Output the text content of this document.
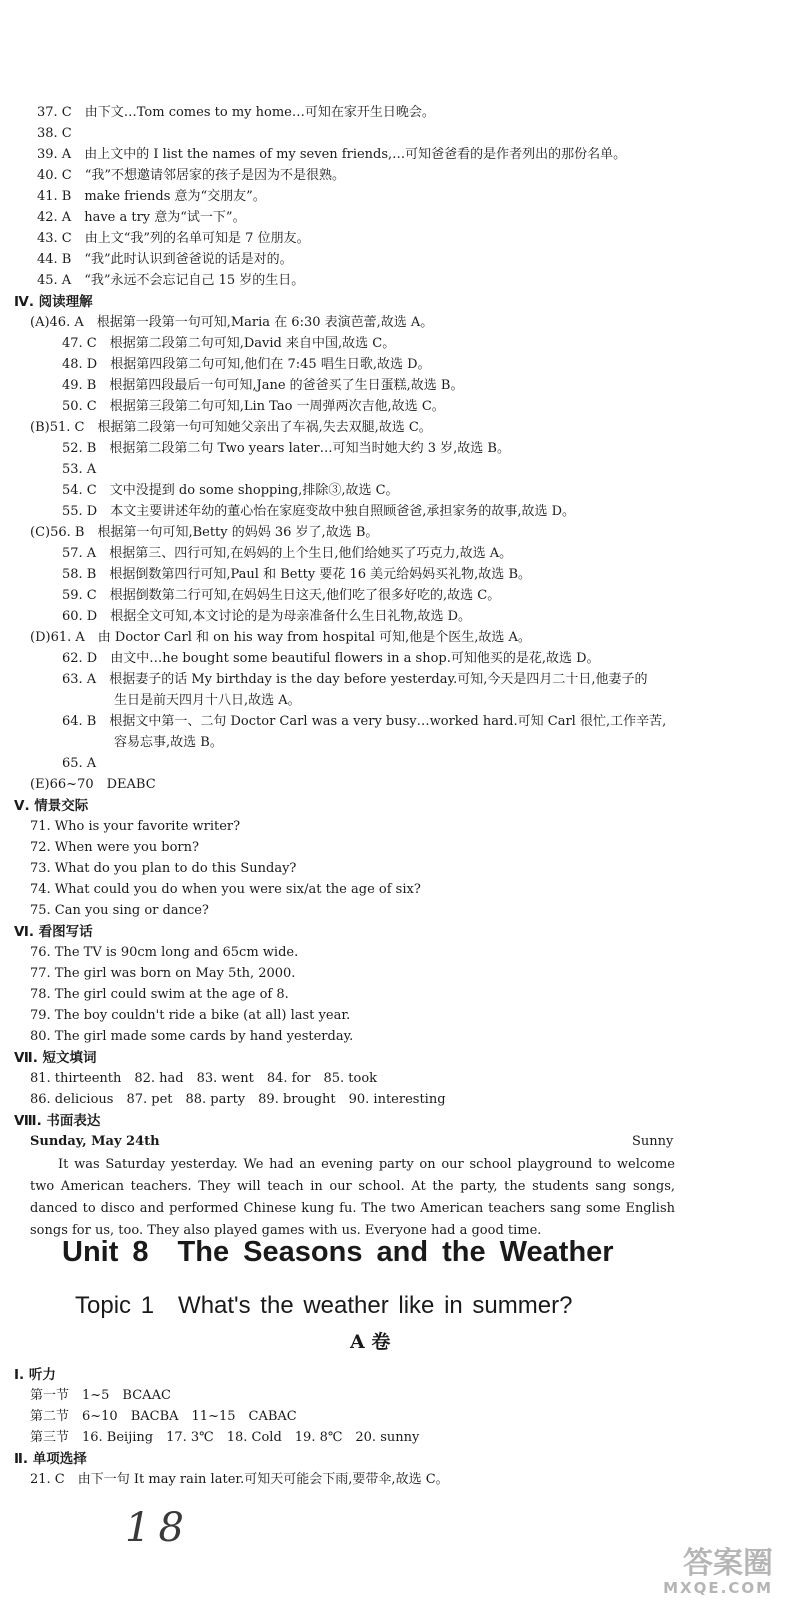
37. C　由下文…Tom comes to my home…可知在家开生日晚会。
38. C
39. A　由上文中的 I list the names of my seven friends,…可知爸爸看的是作者列出的那份名单。
40. C　“我”不想邀请邻居家的孩子是因为不是很熟。
41. B　make friends 意为“交朋友”。
42. A　have a try 意为“试一下”。
43. C　由上文“我”列的名单可知是 7 位朋友。
44. B　“我”此时认识到爸爸说的话是对的。
45. A　“我”永远不会忘记自己 15 岁的生日。
Ⅳ. 阅读理解
(A)46. A　根据第一段第一句可知,Maria 在 6:30 表演芭蕾,故选 A。
47. C　根据第二段第二句可知,David 来自中国,故选 C。
48. D　根据第四段第二句可知,他们在 7:45 唱生日歌,故选 D。
49. B　根据第四段最后一句可知,Jane 的爸爸买了生日蛋糕,故选 B。
50. C　根据第三段第二句可知,Lin Tao 一周弹两次吉他,故选 C。
(B)51. C　根据第二段第一句可知她父亲出了车祸,失去双腿,故选 C。
52. B　根据第二段第二句 Two years later…可知当时她大约 3 岁,故选 B。
53. A
54. C　文中没提到 do some shopping,排除③,故选 C。
55. D　本文主要讲述年幼的董心怡在家庭变故中独自照顾爸爸,承担家务的故事,故选 D。
(C)56. B　根据第一句可知,Betty 的妈妈 36 岁了,故选 B。
57. A　根据第三、四行可知,在妈妈的上个生日,他们给她买了巧克力,故选 A。
58. B　根据倒数第四行可知,Paul 和 Betty 要花 16 美元给妈妈买礼物,故选 B。
59. C　根据倒数第二行可知,在妈妈生日这天,他们吃了很多好吃的,故选 C。
60. D　根据全文可知,本文讨论的是为母亲准备什么生日礼物,故选 D。
(D)61. A　由 Doctor Carl 和 on his way from hospital 可知,他是个医生,故选 A。
62. D　由文中…he bought some beautiful flowers in a shop.可知他买的是花,故选 D。
63. A　根据妻子的话 My birthday is the day before yesterday.可知,今天是四月二十日,他妻子的
生日是前天四月十八日,故选 A。
64. B　根据文中第一、二句 Doctor Carl was a very busy…worked hard.可知 Carl 很忙,工作辛苦,
容易忘事,故选 B。
65. A
(E)66~70　DEABC
Ⅴ. 情景交际
71. Who is your favorite writer?
72. When were you born?
73. What do you plan to do this Sunday?
74. What could you do when you were six/at the age of six?
75. Can you sing or dance?
Ⅵ. 看图写话
76. The TV is 90cm long and 65cm wide.
77. The girl was born on May 5th, 2000.
78. The girl could swim at the age of 8.
79. The boy couldn't ride a bike (at all) last year.
80. The girl made some cards by hand yesterday.
Ⅶ. 短文填词
81. thirteenth　82. had　83. went　84. for　85. took
86. delicious　87. pet　88. party　89. brought　90. interesting
Ⅷ. 书面表达
Sunday, May 24th	Sunny
It was Saturday yesterday. We had an evening party on our school playground to welcome two American teachers. They will teach in our school. At the party, the students sang songs, danced to disco and performed Chinese kung fu. The two American teachers sang some English songs for us, too. They also played games with us. Everyone had a good time.
Unit 8　The Seasons and the Weather
Topic 1　What's the weather like in summer?
A 卷
Ⅰ. 听力
第一节　1~5　BCAAC
第二节　6~10　BACBA　11~15　CABAC
第三节　16. Beijing　17. 3℃　18. Cold　19. 8℃　20. sunny
Ⅱ. 单项选择
21. C　由下一句 It may rain later.可知天可能会下雨,要带伞,故选 C。
18
答案圈
MXQE.COM
